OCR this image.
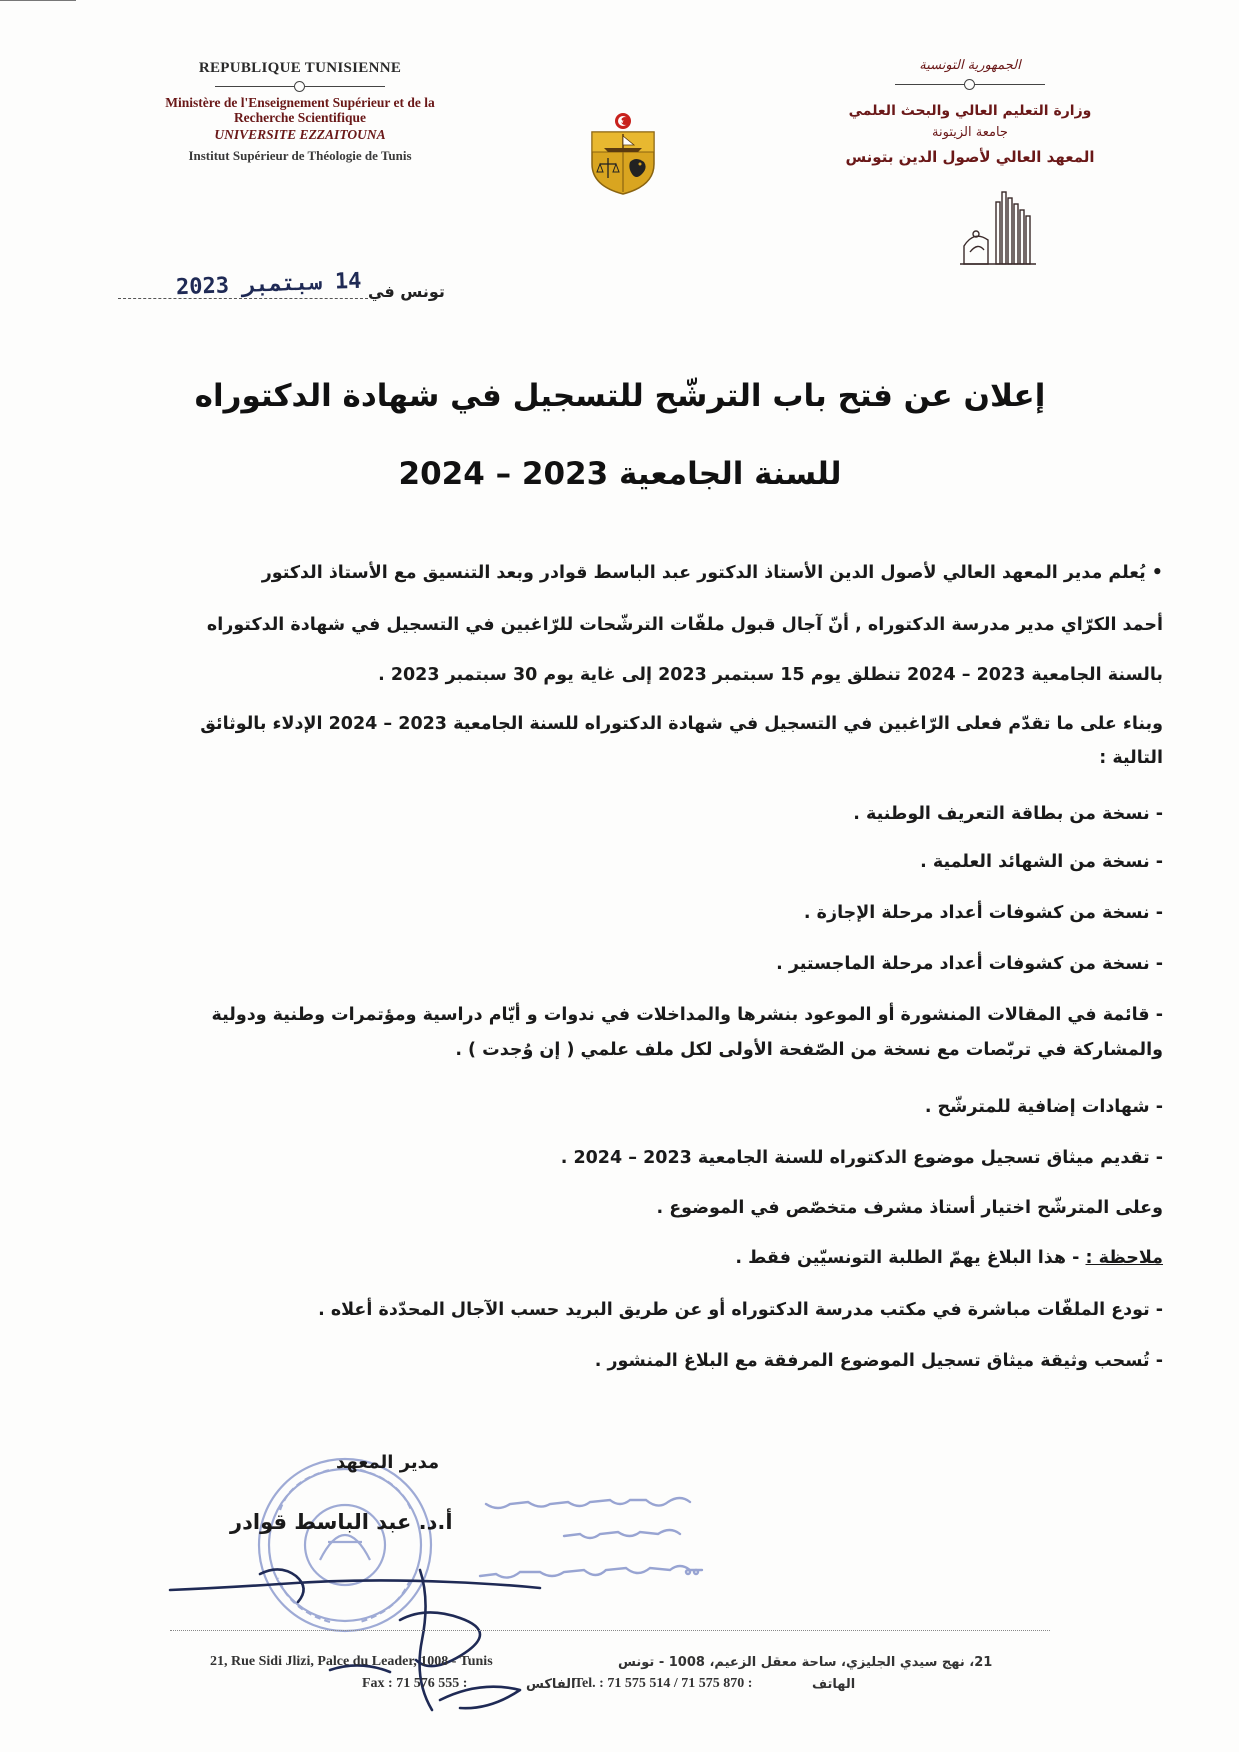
REPUBLIQUE TUNISIENNE
Ministère de l'Enseignement Supérieur et de la
Recherche Scientifique
UNIVERSITE EZZAITOUNA
Institut Supérieur de Théologie de Tunis
الجمهورية التونسية
وزارة التعليم العالي والبحث العلمي
جامعة الزيتونة
المعهد العالي لأصول الدين بتونس
14 سبتمبر 2023 تونس في
إعلان عن فتح باب الترشّح للتسجيل في شهادة الدكتوراه
للسنة الجامعية 2023 – 2024
• يُعلم مدير المعهد العالي لأصول الدين الأستاذ الدكتور عبد الباسط قوادر وبعد التنسيق مع الأستاذ الدكتور
أحمد الكرّاي مدير مدرسة الدكتوراه , أنّ آجال قبول ملفّات الترشّحات للرّاغبين في التسجيل في شهادة الدكتوراه
بالسنة الجامعية 2023 – 2024 تنطلق يوم 15 سبتمبر 2023 إلى غاية يوم 30 سبتمبر 2023 .
وبناء على ما تقدّم فعلى الرّاغبين في التسجيل في شهادة الدكتوراه للسنة الجامعية 2023 – 2024 الإدلاء بالوثائق
التالية :
- نسخة من بطاقة التعريف الوطنية .
- نسخة من الشهائد العلمية .
- نسخة من كشوفات أعداد مرحلة الإجازة .
- نسخة من كشوفات أعداد مرحلة الماجستير .
- قائمة في المقالات المنشورة أو الموعود بنشرها والمداخلات في ندوات و أيّام دراسية ومؤتمرات وطنية ودولية
والمشاركة في تربّصات مع نسخة من الصّفحة الأولى لكل ملف علمي ( إن وُجدت ) .
- شهادات إضافية للمترشّح .
- تقديم ميثاق تسجيل موضوع الدكتوراه للسنة الجامعية 2023 – 2024 .
وعلى المترشّح اختيار أستاذ مشرف متخصّص في الموضوع .
ملاحظة : - هذا البلاغ يهمّ الطلبة التونسيّين فقط .
- تودع الملفّات مباشرة في مكتب مدرسة الدكتوراه أو عن طريق البريد حسب الآجال المحدّدة أعلاه .
- تُسحب وثيقة ميثاق تسجيل الموضوع المرفقة مع البلاغ المنشور .
مدير المعهد
أ.د. عبد الباسط قوادر
21, Rue Sidi Jlizi, Palce du Leader, 1008 - Tunis	21، نهج سيدي الجليزي، ساحة معقل الزعيم، 1008 - تونس
Fax : 71 576 555 :	الفاكس
Tel. : 71 575 514 / 71 575 870 :	الهاتف
